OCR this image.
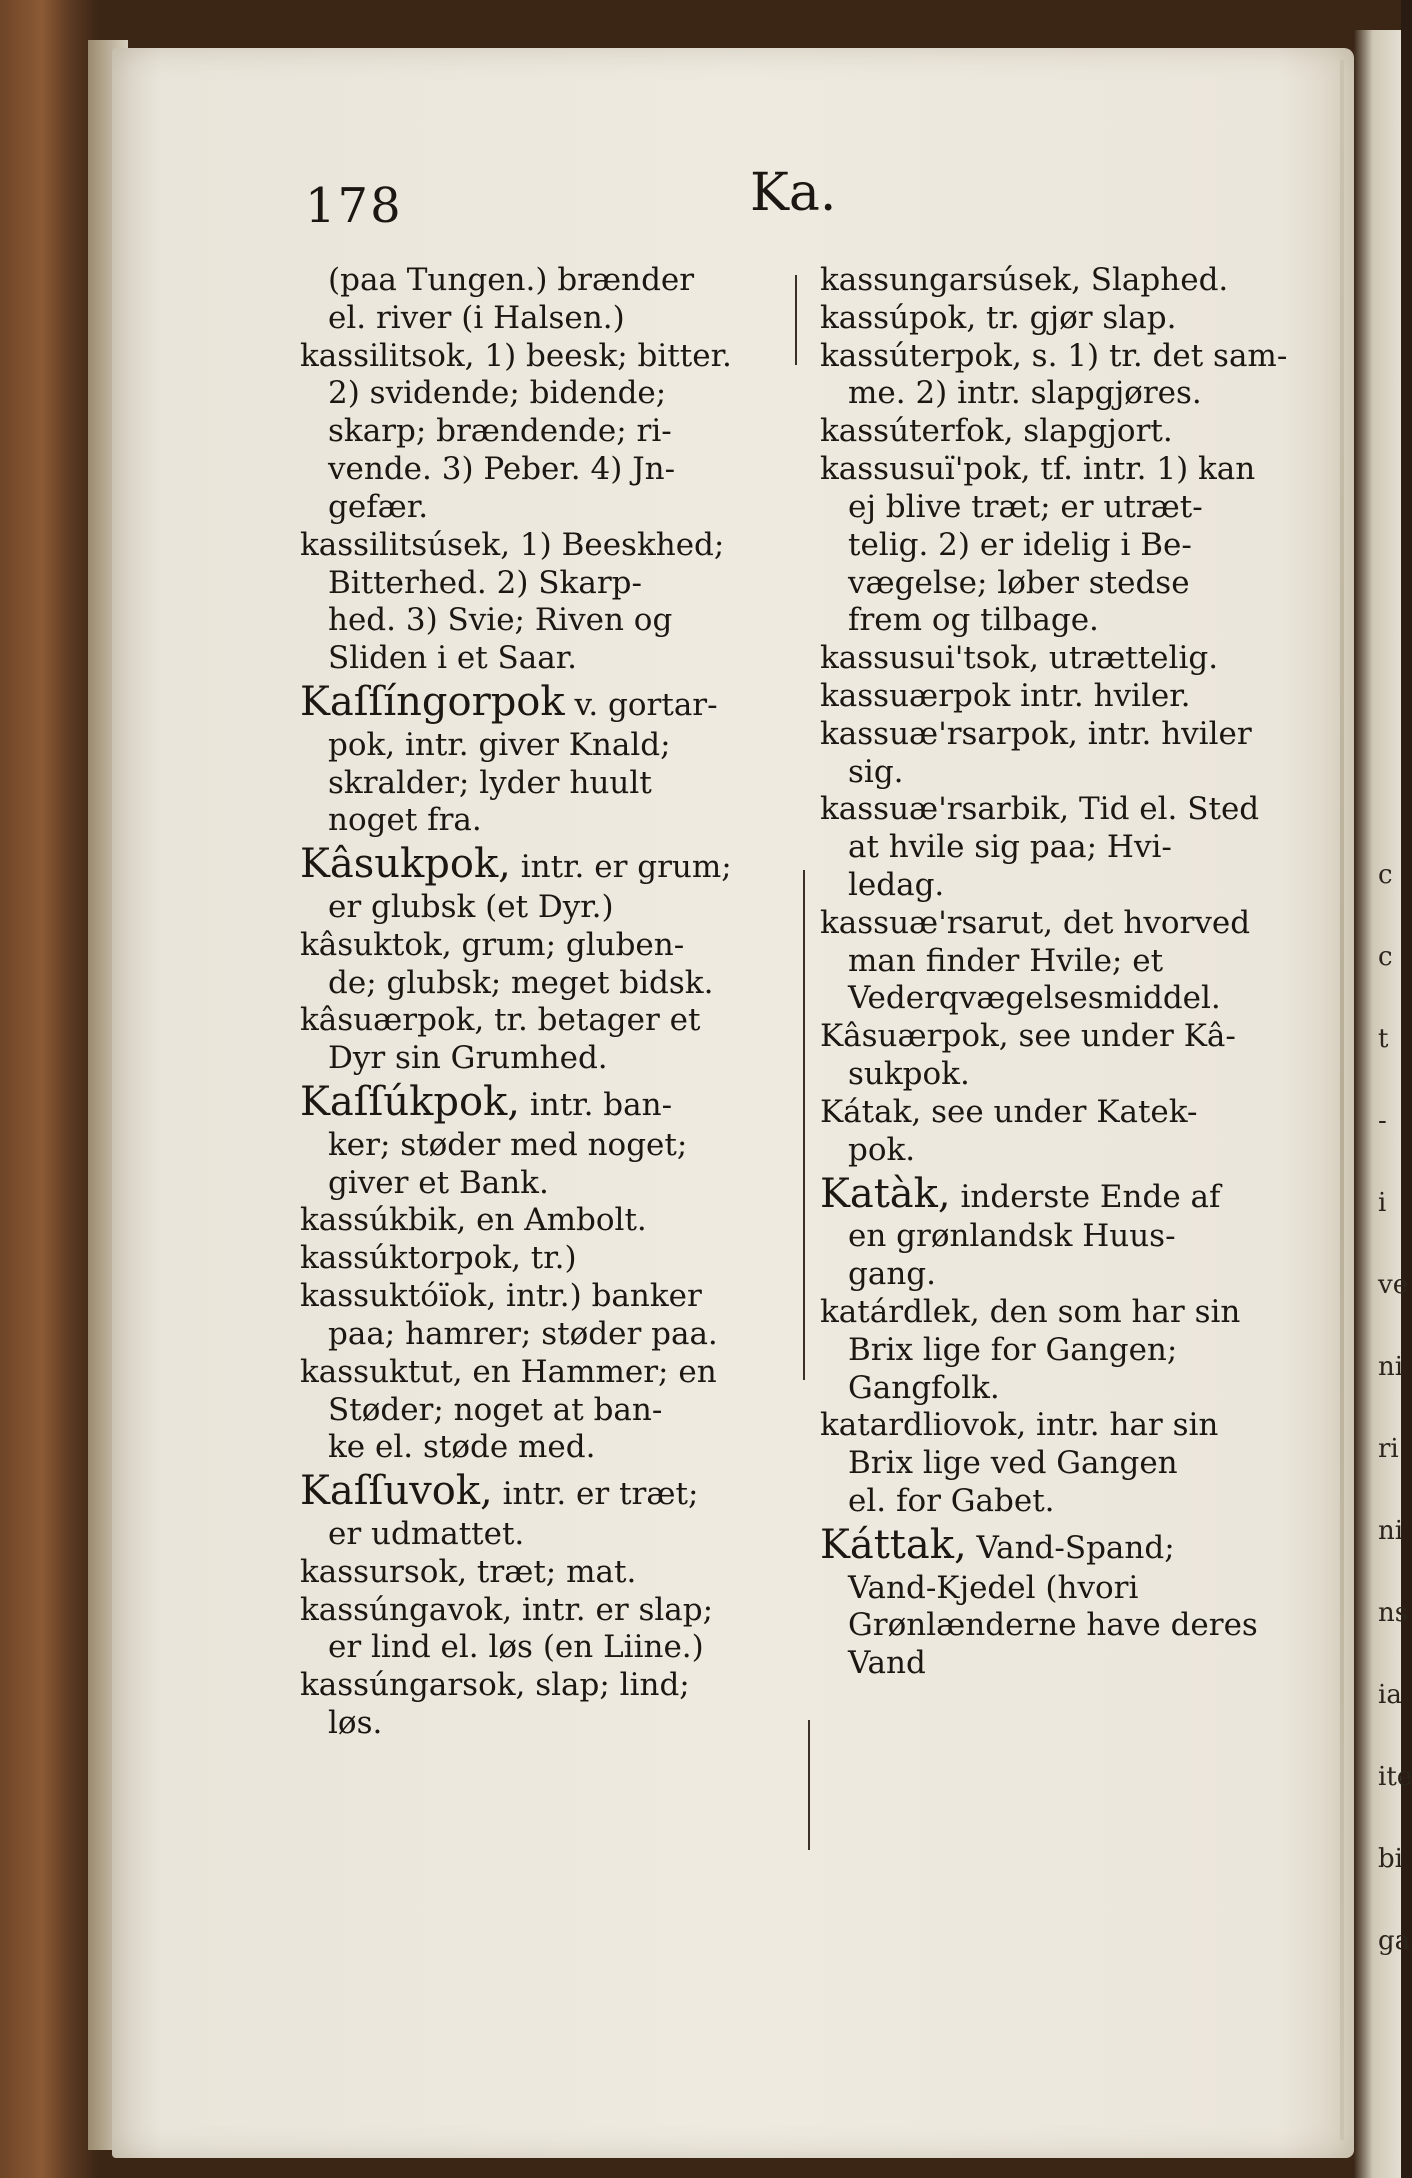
178	Ka.
(paa Tungen.) brænder
el. river (i Halsen.)
kassilitsok, 1) beesk; bitter.
2) svidende; bidende;
skarp; brændende; ri-
vende. 3) Peber. 4) Jn-
gefær.
kassilitsúsek, 1) Beeskhed;
Bitterhed. 2) Skarp-
hed. 3) Svie; Riven og
Sliden i et Saar.
Kaſſíngorpok v. gortar-
pok, intr. giver Knald;
skralder; lyder huult
noget fra.
Kâsukpok, intr. er grum;
er glubsk (et Dyr.)
kâsuktok, grum; gluben-
de; glubsk; meget bidsk.
kâsuærpok, tr. betager et
Dyr sin Grumhed.
Kaſſúkpok, intr. ban-
ker; støder med noget;
giver et Bank.
kassúkbik, en Ambolt.
kassúktorpok, tr.)
kassuktóïok, intr.) banker
paa; hamrer; støder paa.
kassuktut, en Hammer; en
Støder; noget at ban-
ke el. støde med.
Kaſſuvok, intr. er træt;
er udmattet.
kassursok, træt; mat.
kassúngavok, intr. er slap;
er lind el. løs (en Liine.)
kassúngarsok, slap; lind;
løs.
kassungarsúsek, Slaphed.
kassúpok, tr. gjør slap.
kassúterpok, s. 1) tr. det sam-
me. 2) intr. slapgjøres.
kassúterfok, slapgjort.
kassusuï'pok, tf. intr. 1) kan
ej blive træt; er utræt-
telig. 2) er idelig i Be-
vægelse; løber stedse
frem og tilbage.
kassusui'tsok, utrættelig.
kassuærpok intr. hviler.
kassuæ'rsarpok, intr. hviler
sig.
kassuæ'rsarbik, Tid el. Sted
at hvile sig paa; Hvi-
ledag.
kassuæ'rsarut, det hvorved
man finder Hvile; et
Vederqvægelsesmiddel.
Kâsuærpok, see under Kâ-
sukpok.
Kátak, see under Katek-
pok.
Katàk, inderste Ende af
en grønlandsk Huus-
gang.
katárdlek, den som har sin
Brix lige for Gangen;
Gangfolk.
katardliovok, intr. har sin
Brix lige ved Gangen
el. for Gabet.
Káttak, Vand-Spand;
Vand-Kjedel (hvori
Grønlænderne have deres
Vand
c
c
t
-
i
ve
ni
ri
ni
ns
ia
ite
bi
ga
